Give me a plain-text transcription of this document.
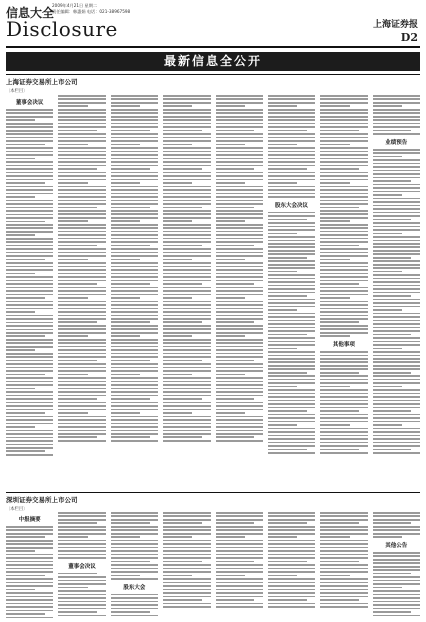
信息大全
2009年4月21日 星期二
责任编辑：韩惠娟 电话：021-38967598
Disclosure	上海证券报
D2
最新信息全公开
上海证券交易所上市公司
〔本栏目〕
董事会决议
股东大会决议
其他事项
业绩预告
深圳证券交易所上市公司
〔本栏目〕
中报摘要
董事会决议
股东大会
其他公告
